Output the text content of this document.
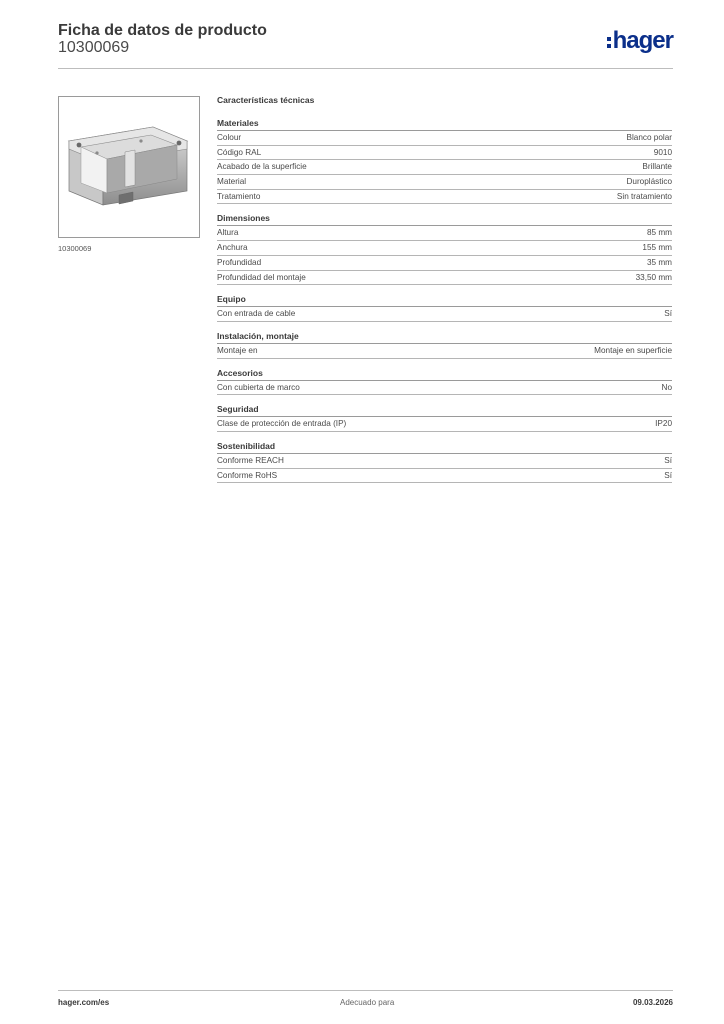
Ficha de datos de producto
10300069	hager
10300069
Características técnicas
Materiales
Colour	Blanco polar
Código RAL	9010
Acabado de la superficie	Brillante
Material	Duroplástico
Tratamiento	Sin tratamiento
Dimensiones
Altura	85 mm
Anchura	155 mm
Profundidad	35 mm
Profundidad del montaje	33,50 mm
Equipo
Con entrada de cable	Sí
Instalación, montaje
Montaje en	Montaje en superficie
Accesorios
Con cubierta de marco	No
Seguridad
Clase de protección de entrada (IP)	IP20
Sostenibilidad
Conforme REACH	Sí
Conforme RoHS	Sí
hager.com/es	Adecuado para	09.03.2026
